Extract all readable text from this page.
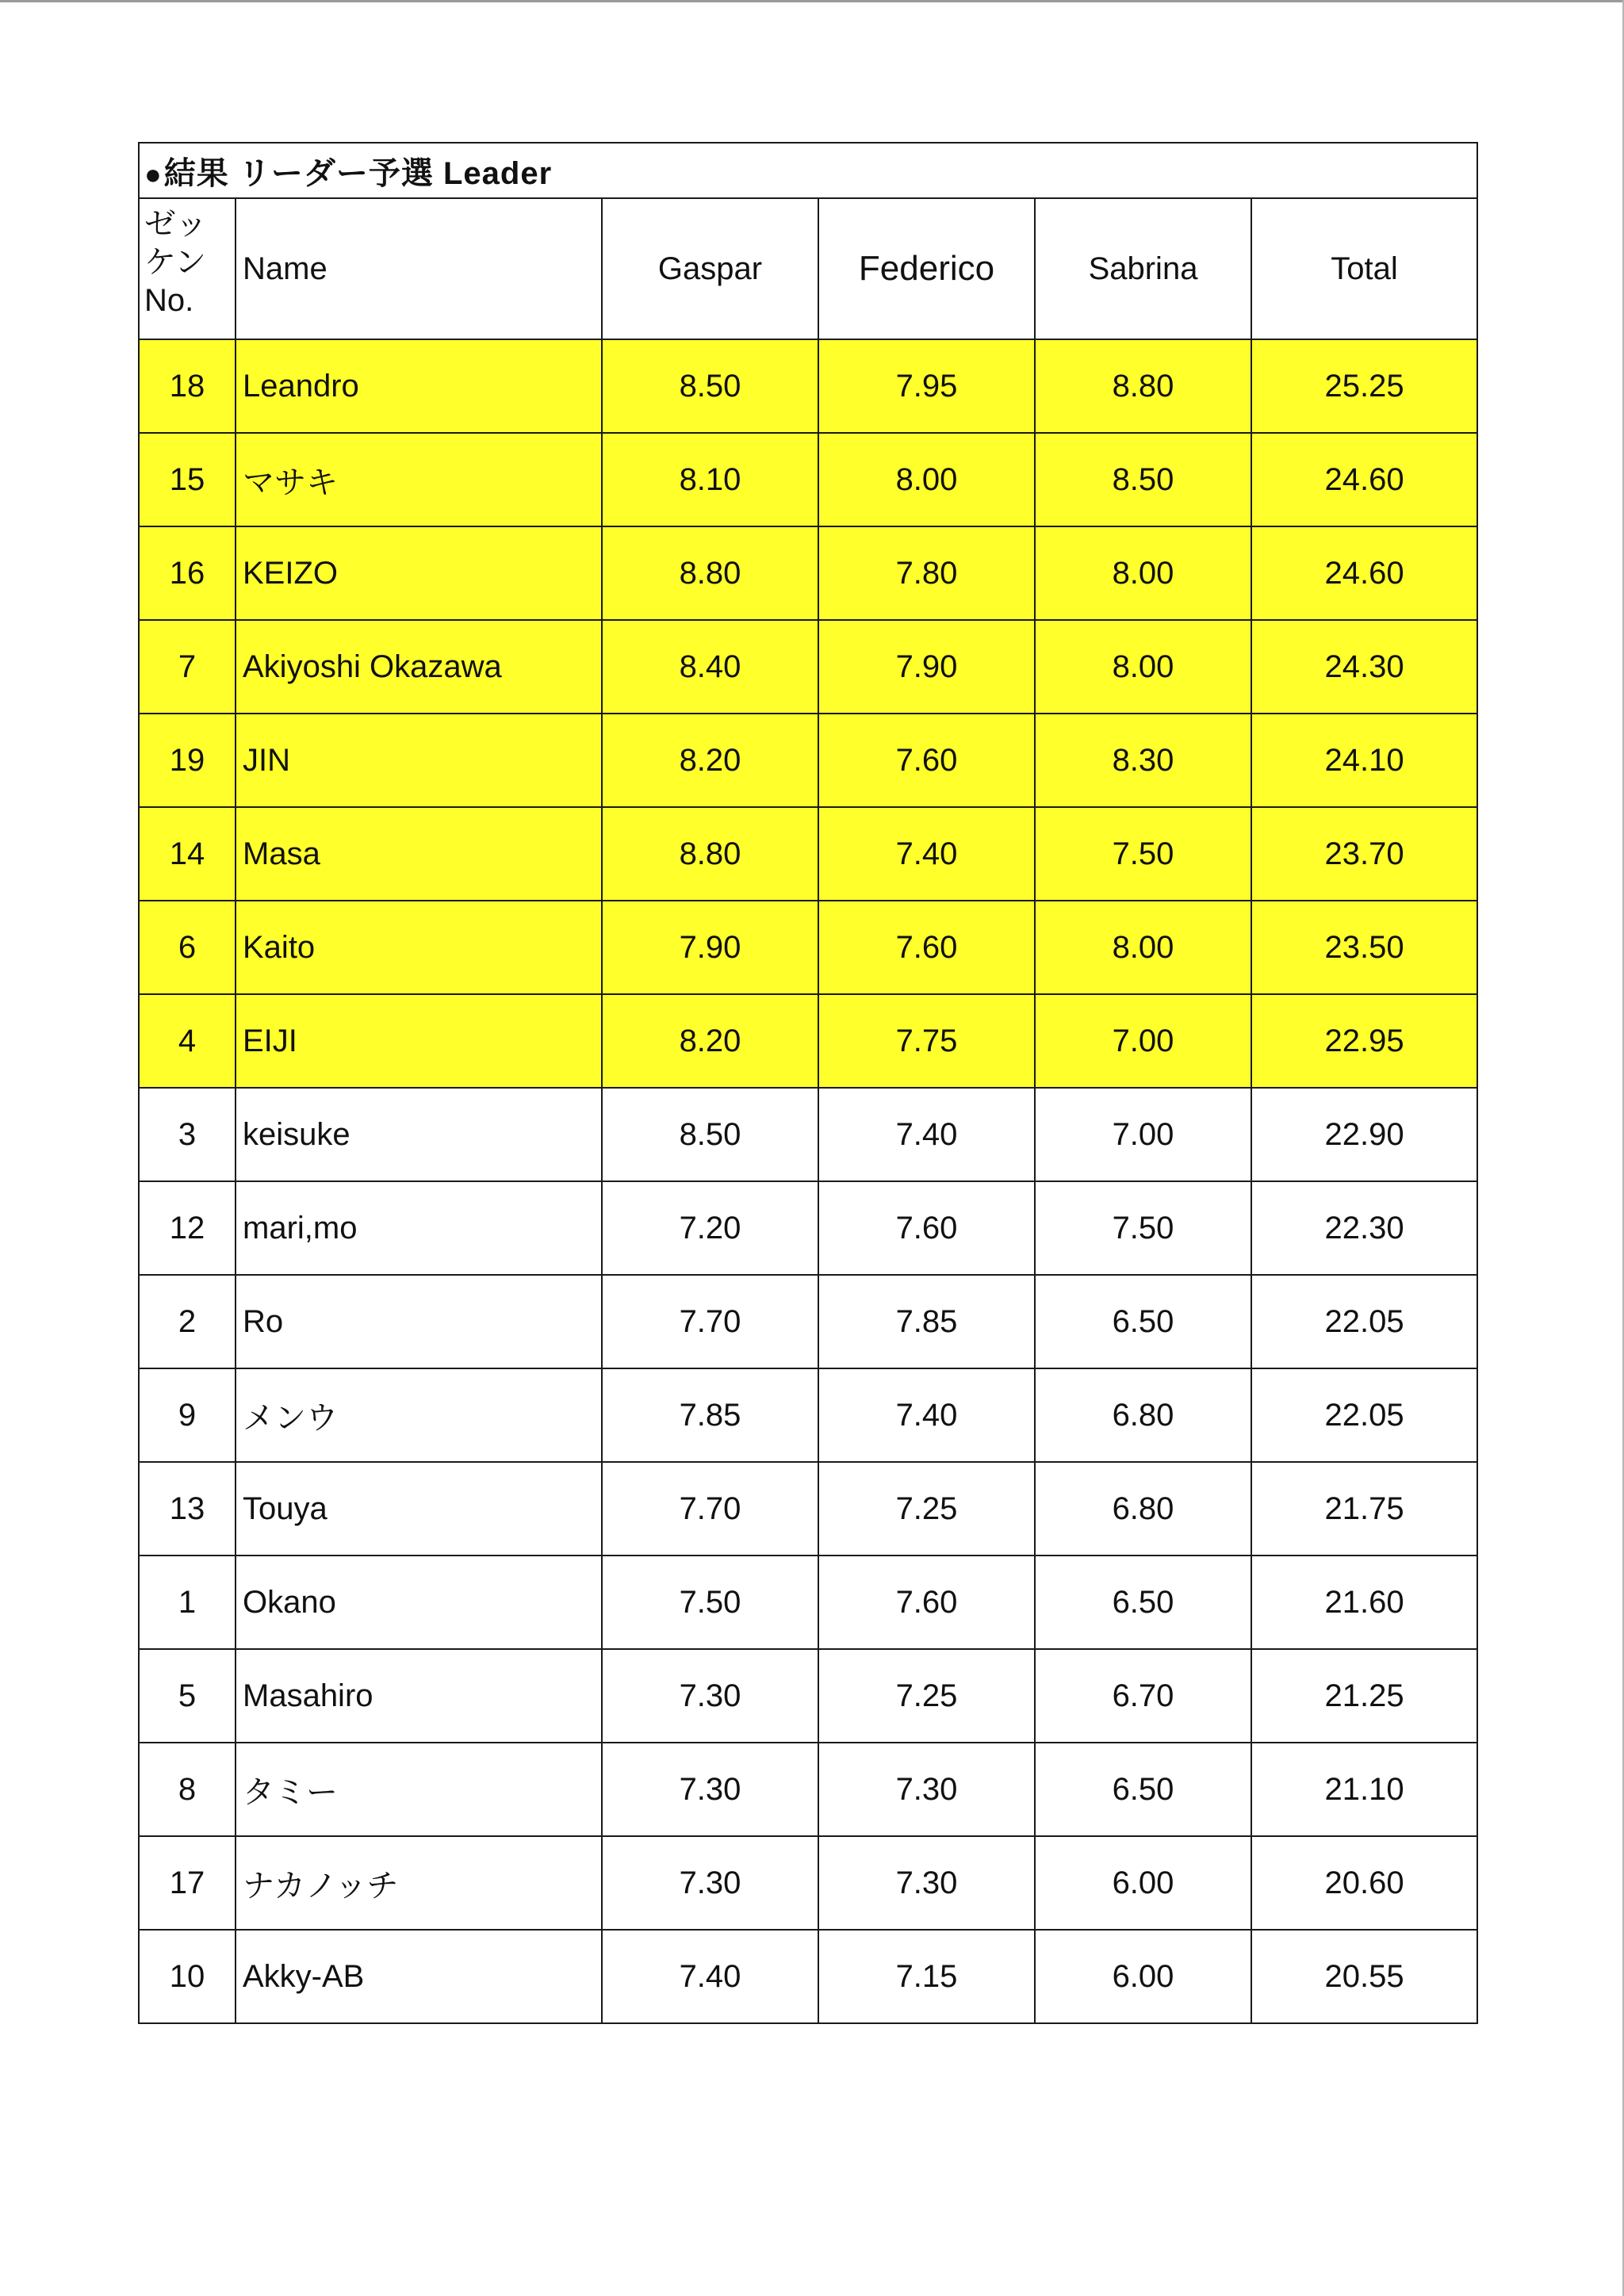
●結果 リーダー予選 Leader					

ゼッ
ケン
No.	Name	Gaspar	Federico	Sabrina	Total
18	Leandro	8.50	7.95	8.80	25.25
15	マサキ	8.10	8.00	8.50	24.60
16	KEIZO	8.80	7.80	8.00	24.60
7	Akiyoshi Okazawa	8.40	7.90	8.00	24.30
19	JIN	8.20	7.60	8.30	24.10
14	Masa	8.80	7.40	7.50	23.70
6	Kaito	7.90	7.60	8.00	23.50
4	EIJI	8.20	7.75	7.00	22.95
3	keisuke	8.50	7.40	7.00	22.90
12	mari,mo	7.20	7.60	7.50	22.30
2	Ro	7.70	7.85	6.50	22.05
9	メンウ	7.85	7.40	6.80	22.05
13	Touya	7.70	7.25	6.80	21.75
1	Okano	7.50	7.60	6.50	21.60
5	Masahiro	7.30	7.25	6.70	21.25
8	タミー	7.30	7.30	6.50	21.10
17	ナカノッチ	7.30	7.30	6.00	20.60
10	Akky-AB	7.40	7.15	6.00	20.55
